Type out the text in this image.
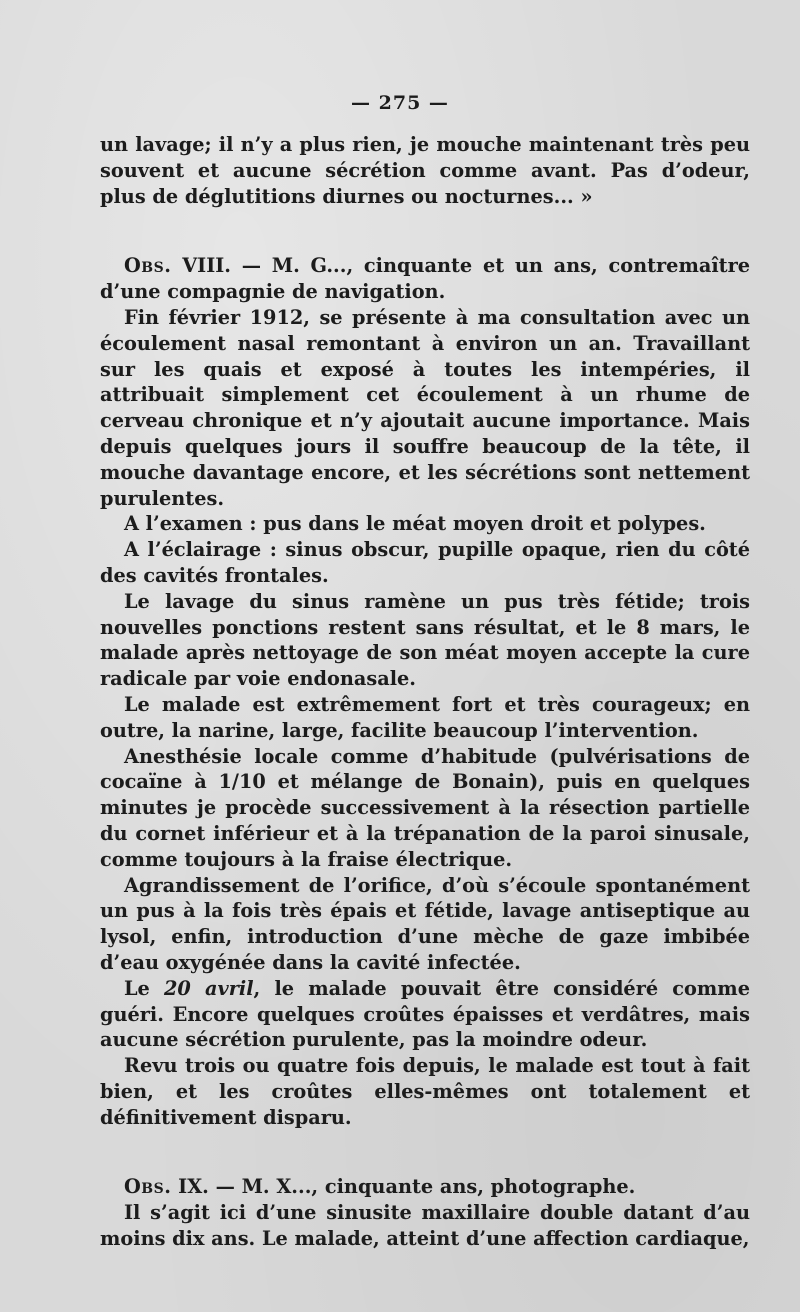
— 275 —

un lavage; il n’y a plus rien, je mouche maintenant très peu souvent et aucune sécrétion comme avant. Pas d’odeur, plus de déglutitions diurnes ou nocturnes... »

Obs. VIII. — M. G..., cinquante et un ans, contremaître d’une compagnie de navigation.

Fin février 1912, se présente à ma consultation avec un écoulement nasal remontant à environ un an. Travaillant sur les quais et exposé à toutes les intempéries, il attribuait simplement cet écoulement à un rhume de cerveau chronique et n’y ajoutait aucune importance. Mais depuis quelques jours il souffre beaucoup de la tête, il mouche davantage encore, et les sécrétions sont nettement purulentes.

A l’examen : pus dans le méat moyen droit et polypes.

A l’éclairage : sinus obscur, pupille opaque, rien du côté des cavités frontales.

Le lavage du sinus ramène un pus très fétide; trois nouvelles ponctions restent sans résultat, et le 8 mars, le malade après nettoyage de son méat moyen accepte la cure radicale par voie endonasale.

Le malade est extrêmement fort et très courageux; en outre, la narine, large, facilite beaucoup l’intervention.

Anesthésie locale comme d’habitude (pulvérisations de cocaïne à 1/10 et mélange de Bonain), puis en quelques minutes je procède successivement à la résection partielle du cornet inférieur et à la trépanation de la paroi sinusale, comme toujours à la fraise électrique.

Agrandissement de l’orifice, d’où s’écoule spontanément un pus à la fois très épais et fétide, lavage antiseptique au lysol, enfin, introduction d’une mèche de gaze imbibée d’eau oxygénée dans la cavité infectée.

Le 20 avril, le malade pouvait être considéré comme guéri. Encore quelques croûtes épaisses et verdâtres, mais aucune sécrétion purulente, pas la moindre odeur.

Revu trois ou quatre fois depuis, le malade est tout à fait bien, et les croûtes elles-mêmes ont totalement et définitivement disparu.

Obs. IX. — M. X..., cinquante ans, photographe.

Il s’agit ici d’une sinusite maxillaire double datant d’au moins dix ans. Le malade, atteint d’une affection cardiaque,
